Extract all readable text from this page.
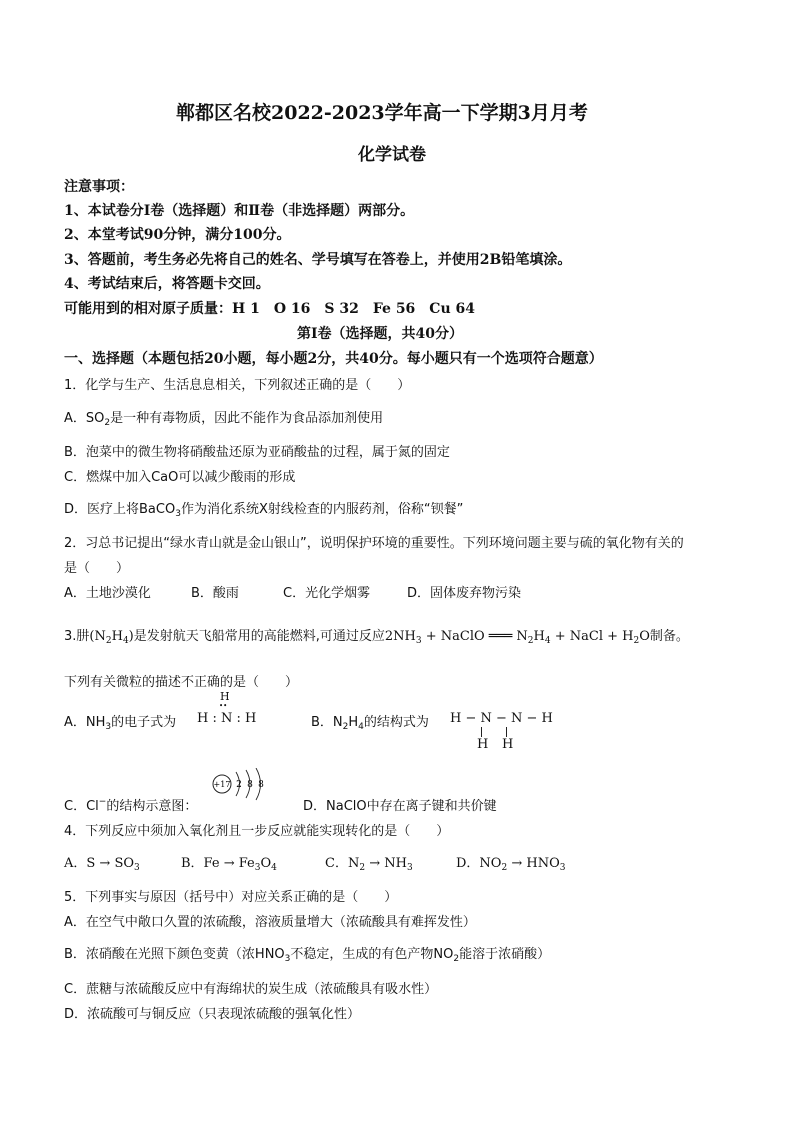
郸都区名校2022-2023学年高一下学期3月月考
化学试卷
注意事项：
1、本试卷分Ⅰ卷（选择题）和Ⅱ卷（非选择题）两部分。
2、本堂考试90分钟，满分100分。
3、答题前，考生务必先将自己的姓名、学号填写在答卷上，并使用2B铅笔填涂。
4、考试结束后，将答题卡交回。
可能用到的相对原子质量：H 1　O 16　S 32　Fe 56　Cu 64
第Ⅰ卷（选择题，共40分）
一、选择题（本题包括20小题，每小题2分，共40分。每小题只有一个选项符合题意）
1．化学与生产、生活息息相关，下列叙述正确的是（　　）
A．$SO_2$是一种有毒物质，因此不能作为食品添加剂使用
B．泡菜中的微生物将硝酸盐还原为亚硝酸盐的过程，属于氮的固定
C．燃煤中加入CaO可以减少酸雨的形成
D．医疗上将BaCO$_3$作为消化系统X射线检查的内服药剂，俗称“钡餐”
2．习总书记提出“绿水青山就是金山银山”，说明保护环境的重要性。下列环境问题主要与硫的氧化物有关的
是（　　）
A．土地沙漠化	B．酸雨	C．光化学烟雾	D．固体废弃物污染
3.肼$(N_2H_4)$是发射航天飞船常用的高能燃料,可通过反应$2NH_3$ + NaClO ═══ $N_2H_4$ + NaCl + $H_2O$制备。
下列有关微粒的描述不正确的是（　　）
A．$NH_3$的电子式为 H : N : H
H
••
B．$N_2H_4$的结构式为 H − N − N − H
H H
+17 2 8 8
C．Cl−的结构示意图：	D．NaClO中存在离子键和共价键
4．下列反应中须加入氧化剂且一步反应就能实现转化的是（　　）
A．$S \to SO_3$	B．$Fe \to Fe_3O_4$	C．$N_2 \to NH_3$	D．$NO_2 \to HNO_3$
5．下列事实与原因（括号中）对应关系正确的是（　　）
A．在空气中敞口久置的浓硫酸，溶液质量增大（浓硫酸具有难挥发性）
B．浓硝酸在光照下颜色变黄（浓$HNO_3$不稳定，生成的有色产物$NO_2$能溶于浓硝酸）
C．蔗糖与浓硫酸反应中有海绵状的炭生成（浓硫酸具有吸水性）
D．浓硫酸可与铜反应（只表现浓硫酸的强氧化性）
